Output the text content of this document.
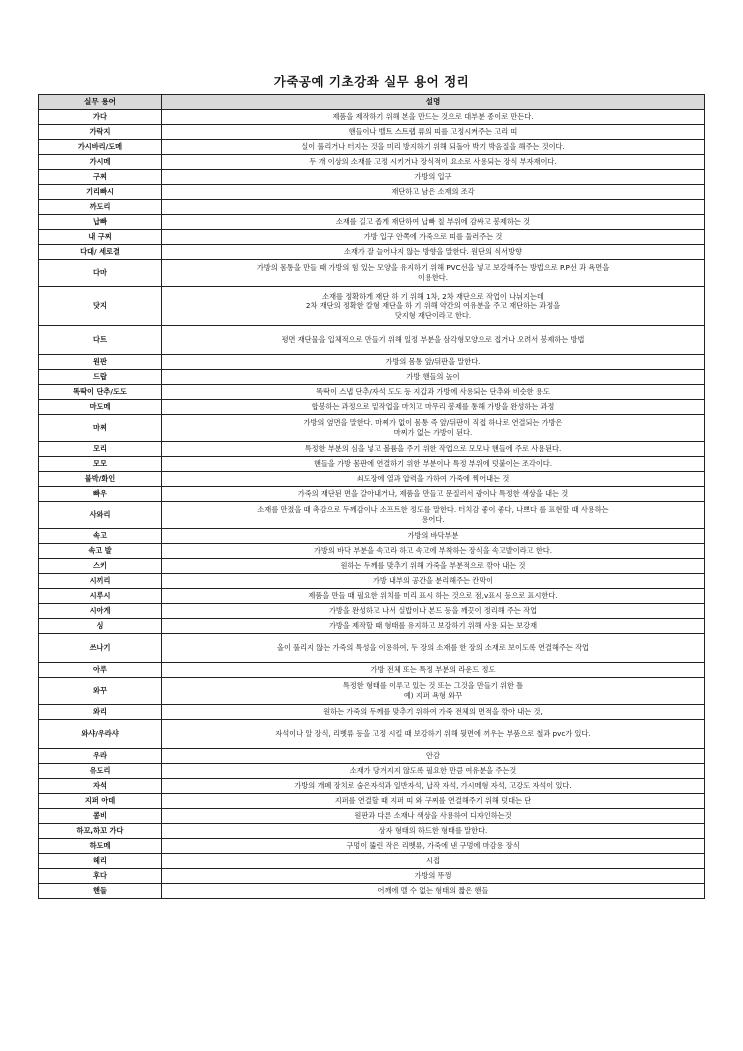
가죽공예 기초강좌 실무 용어 정리
실무 용어	설명
가다	제품을 제작하기 위해 본을 만드는 것으로 대부분 종이로 만든다.

가락지	핸들이나 벨트 스트랩 류의 띠를 고정시켜주는 고리 띠

가시바리/도메	실이 풀리거나 터지는 것을 미리 방지하기 위해 되돌아 박기 박음질을 해주는 것이다.

가시메	두 개 이상의 소재를 고정 시키거나 장식적이 요소로 사용되는 장식 부자재이다.

구찌	가방의 입구

기리빠시	재단하고 남은 소재의 조각

까도리	

납빠	소재를 길고 좁게 재단하여 납빠 칠 부위에 감싸고 봉제하는 것

내 구찌	가방 입구 안쪽에 가죽으로 띠를 둘러주는 것

다대/ 세로결	소재가 잘 늘어나지 않는 방향을 말한다. 원단의 식서방향

다마	가방의 몸통을 만들 때 가방의 힘 있는 모양을 유지하기 위해 PVC선을 넣고 보강해주는 방법으로 P.P선 과 욕면을
이용한다.

닷지	소재를 정확하게 재단 하 기 위해 1차, 2차 재단으로 작업이 나눠지는데
2차 재단의 정확한 칼형 재단을 하 기 위해 약간의 여유분을 주고 재단하는 과정을
닷지형 재단이라고 한다.

다트	평면 재단물을 입체적으로 만들기 위해 일정 부분을 삼각형모양으로 접거나 오려서 봉제하는 방법

원판	가방의 몸통 앞/뒤판을 말한다.

드랍	가방 핸들의 높이

똑딱이 단추/도도	똑딱이 스냅 단추/자석 도도 등 지갑과 가방에 사용되는 단추와 비슷한 용도

마도메	합봉하는 과정으로 밑작업을 마치고 마무리 봉제를 통해 가방을 완성하는 과정

마찌	가방의 옆면을 말한다. 마찌가 없이 몸통 즉 앞/뒤판이 직접 하나로 연결되는 가방은
마찌가 없는 가방이 된다.

모리	특정한 부분의 심을 넣고 볼륨을 주기 위한 작업으로 모모나 핸들에 주로 사용된다.

모모	핸들을 가방 몸판에 연결하기 위한 부분이나 특정 부위에 덧붙이는 조각이다.

불박/화인	쇠도장에 열과 압력을 가하여 가죽에 찍어내는 것

빠우	가죽의 재단된 면을 갈아내거나, 제품을 만들고 문질러서 광이나 특정한 색상을 내는 것

사와리	소재를 만졌을 때 촉감으로 두께감이나 소프트한 정도를 말한다. 터치감 좋이 좋다, 나쁘다 를 표현할 때 사용하는
용어다.

속고	가방의 바닥부분

속고 발	가방의 바닥 부분을 속고라 하고 속고에 부착하는 장식을 속고발이라고 한다.

스키	원하는 두께를 맞추기 위해 가죽을 부분적으로 깎아 내는 것

시끼리	가방 내부의 공간을 분리해주는 칸막이

시루시	제품을 만들 때 필요한 위치를 미리 표시 하는 것으로 점,v표시 등으로 표시한다.

시아게	가방을 완성하고 나서 실밥이나 본드 등을 깨끗이 정리해 주는 작업

싱	가방을 제작할 때 형태를 유지하고 보강하기 위해 사용 되는 보강재

쓰나기	올이 풀리지 않는 가죽의 특성을 이용하여, 두 장의 소재를 한 장의 소재로 보이도록 연결해주는 작업

아루	가방 전체 또는 특정 부분의 라운드 정도

와꾸	특정한 형태를 이루고 있는 것 또는 그것을 만들기 위한 틀
예) 지퍼 욕형 와꾸

와리	원하는 가죽의 두께를 맞추기 위하여 가죽 전체의 면적을 깎아 내는 것,

와샤/우라샤	자석이나 알 장식, 리벳류 등을 고정 시킬 때 보강하기 위해 뒷면에 끼우는 부품으로 철과 pvc가 있다.

우라	안감

유도리	소재가 당겨지지 않도록 필요한 만큼 여유분을 주는것

자석	가방의 개폐 장치로 숨은자석과 일반자석, 납작 자석, 가시메형 자석, 고강도 자석이 있다.

지퍼 아데	지퍼를 연결할 때 지퍼 띠 와 구찌를 연결해주기 위해 덧대는 단

콤비	원판과 다른 소재나 색상을 사용하여 디자인하는것

하꼬,하꼬 가다	상자 형태의 하드한 형태를 말한다.

하도메	구멍이 뚫린 작은 리벳류, 가죽에 낸 구멍에 마감용 장식

헤리	시접

후다	가방의 뚜껑

핸들	어깨에 멜 수 없는 형태의 짧은 핸들
